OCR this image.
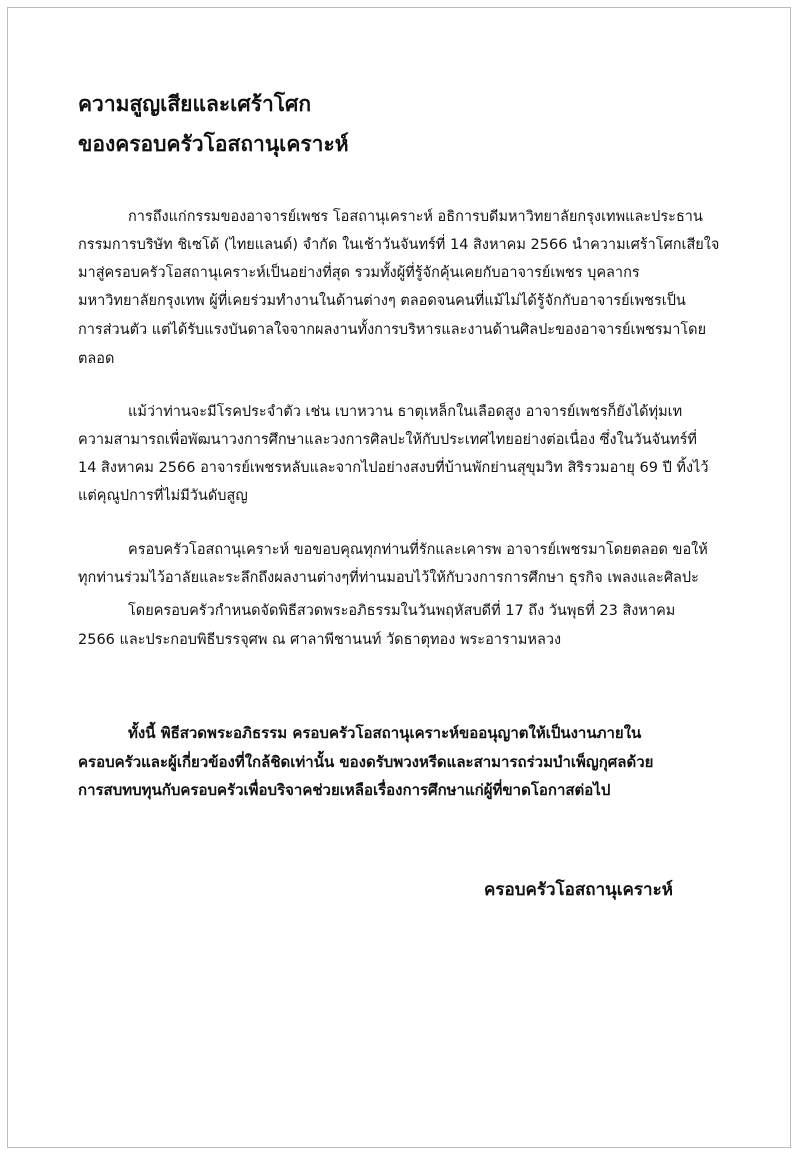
ความสูญเสียและเศร้าโศก
ของครอบครัวโอสถานุเคราะห์
การถึงแก่กรรมของอาจารย์เพชร โอสถานุเคราะห์ อธิการบดีมหาวิทยาลัยกรุงเทพและประธาน
กรรมการบริษัท ชิเซโด้ (ไทยแลนด์) จำกัด ในเช้าวันจันทร์ที่ 14 สิงหาคม 2566 นำความเศร้าโศกเสียใจ
มาสู่ครอบครัวโอสถานุเคราะห์เป็นอย่างที่สุด รวมทั้งผู้ที่รู้จักคุ้นเคยกับอาจารย์เพชร บุคลากร
มหาวิทยาลัยกรุงเทพ ผู้ที่เคยร่วมทำงานในด้านต่างๆ ตลอดจนคนที่แม้ไม่ได้รู้จักกับอาจารย์เพชรเป็น
การส่วนตัว แต่ได้รับแรงบันดาลใจจากผลงานทั้งการบริหารและงานด้านศิลปะของอาจารย์เพชรมาโดย
ตลอด
แม้ว่าท่านจะมีโรคประจำตัว เช่น เบาหวาน ธาตุเหล็กในเลือดสูง อาจารย์เพชรก็ยังได้ทุ่มเท
ความสามารถเพื่อพัฒนาวงการศึกษาและวงการศิลปะให้กับประเทศไทยอย่างต่อเนื่อง ซึ่งในวันจันทร์ที่
14 สิงหาคม 2566 อาจารย์เพชรหลับและจากไปอย่างสงบที่บ้านพักย่านสุขุมวิท สิริรวมอายุ 69 ปี ทิ้งไว้
แต่คุณูปการที่ไม่มีวันดับสูญ
ครอบครัวโอสถานุเคราะห์ ขอขอบคุณทุกท่านที่รักและเคารพ อาจารย์เพชรมาโดยตลอด ขอให้
ทุกท่านร่วมไว้อาลัยและระลึกถึงผลงานต่างๆที่ท่านมอบไว้ให้กับวงการการศึกษา ธุรกิจ เพลงและศิลปะ
โดยครอบครัวกำหนดจัดพิธีสวดพระอภิธรรมในวันพฤหัสบดีที่ 17 ถึง วันพุธที่ 23 สิงหาคม
2566 และประกอบพิธีบรรจุศพ ณ ศาลาพีชานนท์ วัดธาตุทอง พระอารามหลวง
ทั้งนี้ พิธีสวดพระอภิธรรม ครอบครัวโอสถานุเคราะห์ขออนุญาตให้เป็นงานภายใน
ครอบครัวและผู้เกี่ยวข้องที่ใกล้ชิดเท่านั้น ของดรับพวงหรีดและสามารถร่วมบำเพ็ญกุศลด้วย
การสบทบทุนกับครอบครัวเพื่อบริจาคช่วยเหลือเรื่องการศึกษาแก่ผู้ที่ขาดโอกาสต่อไป
ครอบครัวโอสถานุเคราะห์
